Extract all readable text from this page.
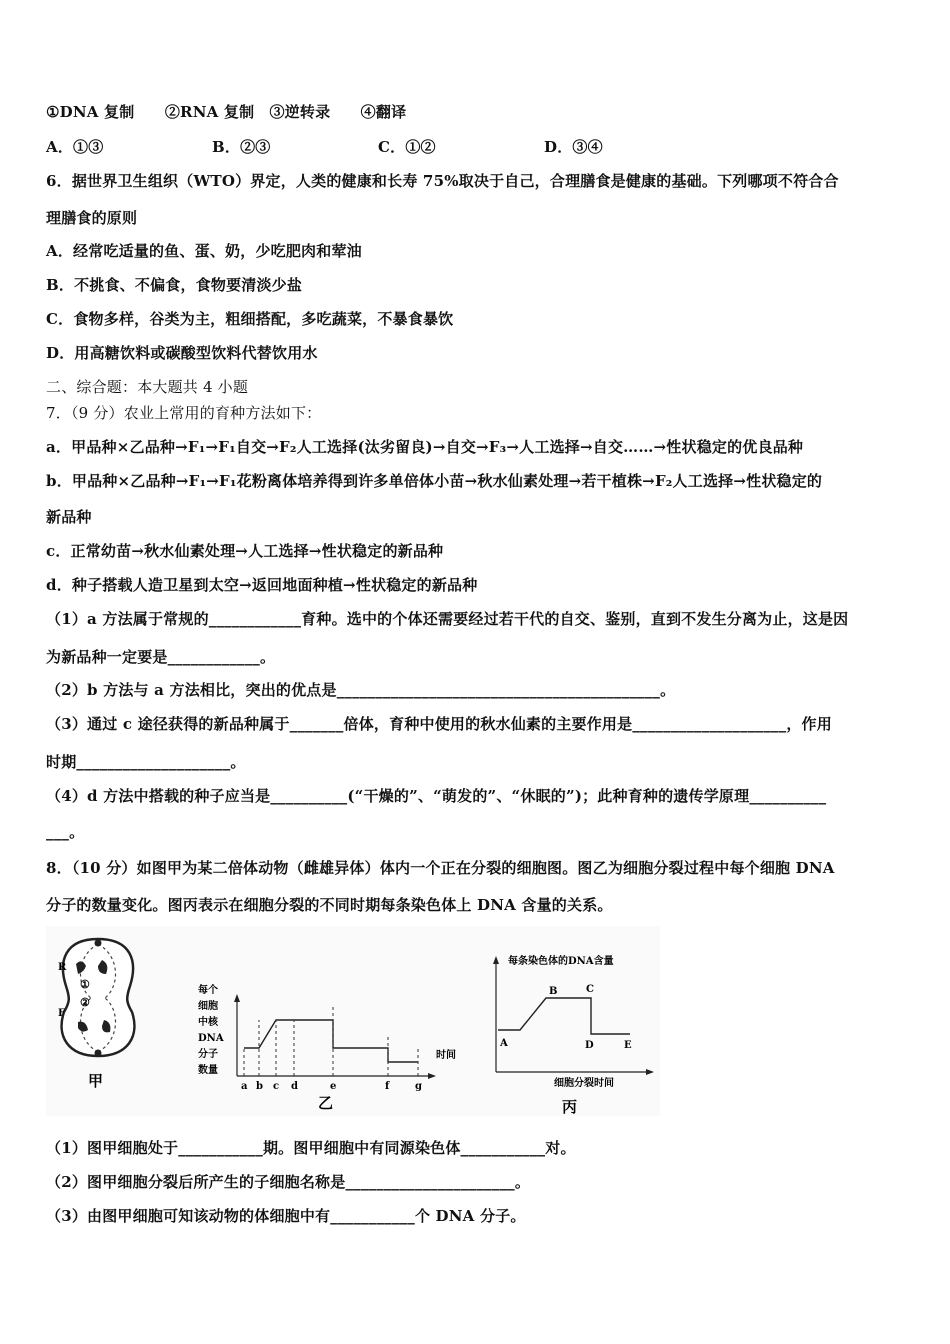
①DNA 复制　　②RNA 复制　③逆转录　　④翻译
A．①③	B．②③	C．①②	D．③④
6．据世界卫生组织（WTO）界定，人类的健康和长寿 75%取决于自己，合理膳食是健康的基础。下列哪项不符合合
理膳食的原则
A．经常吃适量的鱼、蛋、奶，少吃肥肉和荤油
B．不挑食、不偏食，食物要清淡少盐
C．食物多样，谷类为主，粗细搭配，多吃蔬菜，不暴食暴饮
D．用高糖饮料或碳酸型饮料代替饮用水
二、综合题：本大题共 4 小题
7．（9 分）农业上常用的育种方法如下：
a．甲品种×乙品种→F₁→F₁自交→F₂人工选择(汰劣留良)→自交→F₃→人工选择→自交……→性状稳定的优良品种
b．甲品种×乙品种→F₁→F₁花粉离体培养得到许多单倍体小苗→秋水仙素处理→若干植株→F₂人工选择→性状稳定的
新品种
c．正常幼苗→秋水仙素处理→人工选择→性状稳定的新品种
d．种子搭载人造卫星到太空→返回地面种植→性状稳定的新品种
（1）a 方法属于常规的____________育种。选中的个体还需要经过若干代的自交、鉴别，直到不发生分离为止，这是因
为新品种一定要是____________。
（2）b 方法与 a 方法相比，突出的优点是__________________________________________。
（3）通过 c 途径获得的新品种属于_______倍体，育种中使用的秋水仙素的主要作用是____________________，作用
时期____________________。
（4）d 方法中搭载的种子应当是__________(“干燥的”、“萌发的”、“休眠的”)；此种育种的遗传学原理__________
___。
8．（10 分）如图甲为某二倍体动物（雌雄异体）体内一个正在分裂的细胞图。图乙为细胞分裂过程中每个细胞 DNA
分子的数量变化。图丙表示在细胞分裂的不同时期每条染色体上 DNA 含量的关系。
R
①
②
F
甲
每个
细胞
中核
DNA
分子
数量
时间
a b c d	e	f	g
乙
每条染色体的DNA含量
细胞分裂时间
A
B	C
D	E
丙
（1）图甲细胞处于___________期。图甲细胞中有同源染色体___________对。
（2）图甲细胞分裂后所产生的子细胞名称是______________________。
（3）由图甲细胞可知该动物的体细胞中有___________个 DNA 分子。
